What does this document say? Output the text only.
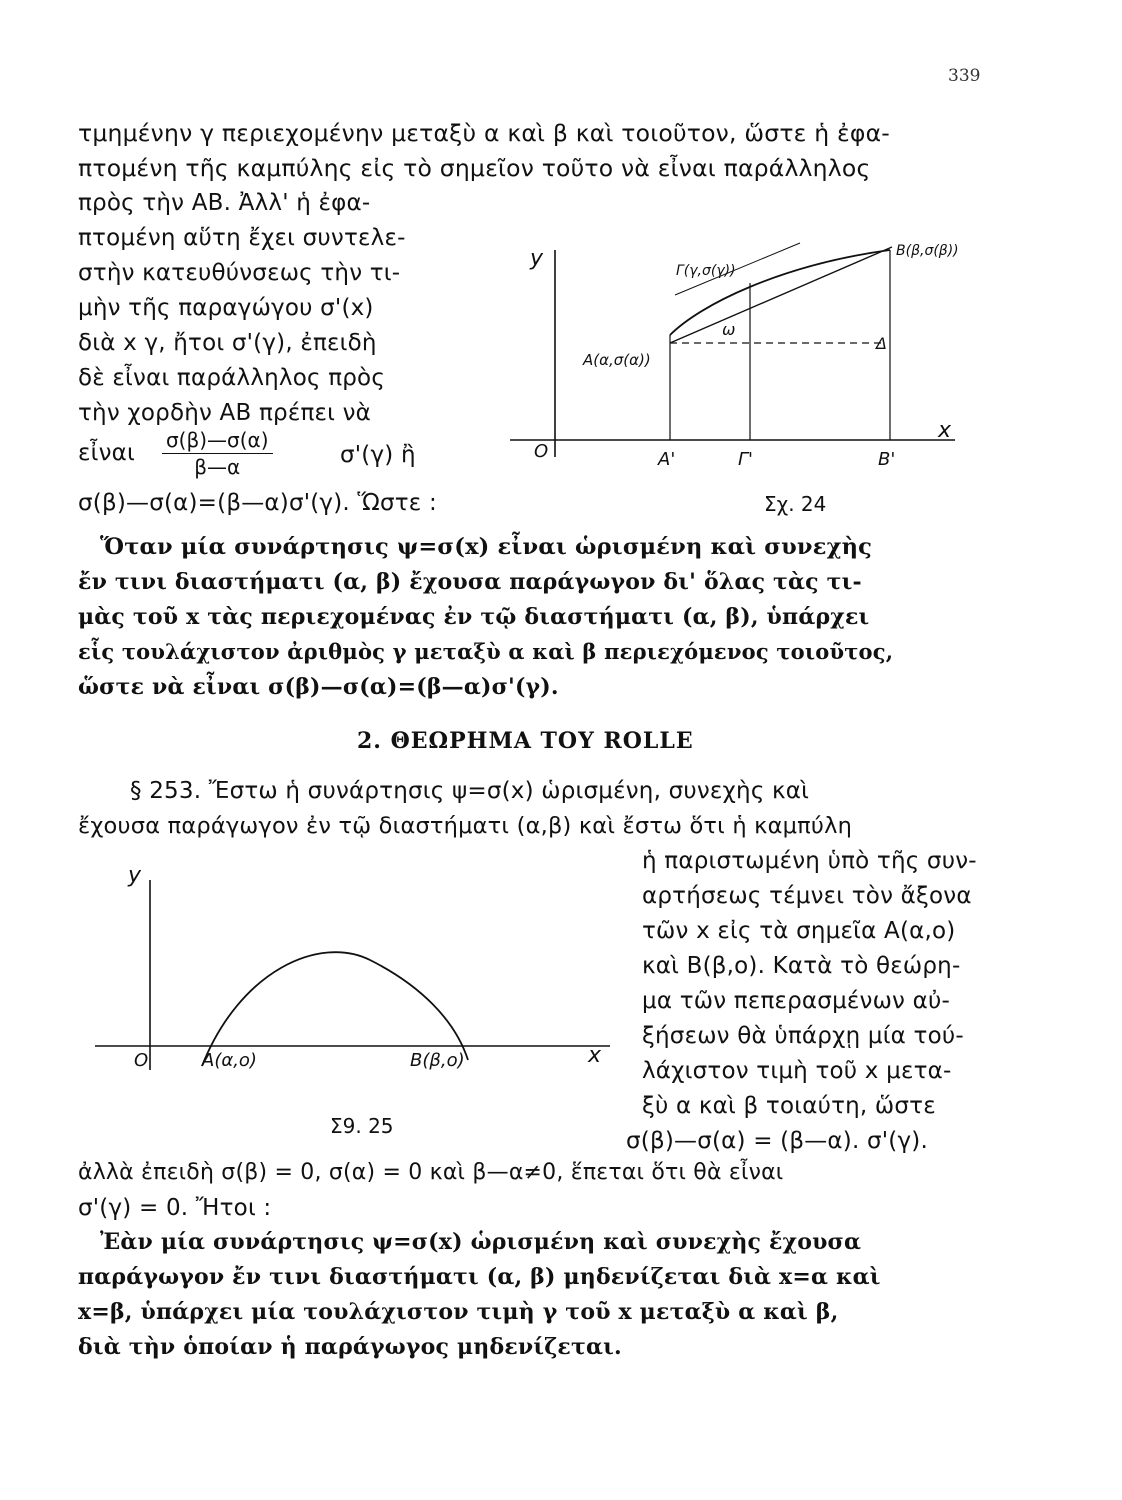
339
τμημένην γ περιεχομένην μεταξὺ α καὶ β καὶ τοιοῦτον, ὥστε ἡ ἐφα-
πτομένη τῆς καμπύλης εἰς τὸ σημεῖον τοῦτο νὰ εἶναι παράλληλος
πρὸς τὴν ΑΒ. Ἀλλ' ἡ ἐφα-
πτομένη αὕτη ἔχει συντελε-
στὴν κατευθύνσεως τὴν τι-
μὴν τῆς παραγώγου σ'(x)
διὰ x γ, ἤτοι σ'(γ), ἐπειδὴ
δὲ εἶναι παράλληλος πρὸς
τὴν χορδὴν ΑΒ πρέπει νὰ
εἶναι $\frac{\sigma(\beta)—\sigma(\alpha)}{\beta—\alpha}$	σ'(γ) ἢ
σ(β)—σ(α)=(β—α)σ'(γ). Ὥστε :
y
x
O
A(α,σ(α))
B(β,σ(β))
Γ(γ,σ(γ))
ω
Δ
A'	Γ'	B'
Σχ. 24
Ὅταν μία συνάρτησις ψ=σ(x) εἶναι ὡρισμένη καὶ συνεχὴς
ἔν τινι διαστήματι (α, β) ἔχουσα παράγωγον δι' ὅλας τὰς τι-
μὰς τοῦ x τὰς περιεχομένας ἐν τῷ διαστήματι (α, β), ὑπάρχει
εἷς τουλάχιστον ἀριθμὸς γ μεταξὺ α καὶ β περιεχόμενος τοιοῦτος,
ὥστε νὰ εἶναι σ(β)—σ(α)=(β—α)σ'(γ).
2. ΘΕΩΡΗΜΑ ΤΟΥ ROLLE
§ 253. Ἔστω ἡ συνάρτησις ψ=σ(x) ὡρισμένη, συνεχὴς καὶ
ἔχουσα παράγωγον ἐν τῷ διαστήματι (α,β) καὶ ἔστω ὅτι ἡ καμπύλη
ἡ παριστωμένη ὑπὸ τῆς συν-
αρτήσεως τέμνει τὸν ἄξονα
τῶν x εἰς τὰ σημεῖα Α(α,ο)
καὶ Β(β,ο). Κατὰ τὸ θεώρη-
μα τῶν πεπερασμένων αὐ-
ξήσεων θὰ ὑπάρχῃ μία τού-
λάχιστον τιμὴ τοῦ x μετα-
ξὺ α καὶ β τοιαύτη, ὥστε
σ(β)—σ(α) = (β—α). σ'(γ).
y
x
O	A(α,o)	B(β,o)
Σ9. 25
ἀλλὰ ἐπειδὴ σ(β) = 0, σ(α) = 0 καὶ β—α≠0, ἕπεται ὅτι θὰ εἶναι
σ'(γ) = 0. Ἤτοι :
Ἐὰν μία συνάρτησις ψ=σ(x) ὡρισμένη καὶ συνεχὴς ἔχουσα
παράγωγον ἔν τινι διαστήματι (α, β) μηδενίζεται διὰ x=α καὶ
x=β, ὑπάρχει μία τουλάχιστον τιμὴ γ τοῦ x μεταξὺ α καὶ β,
διὰ τὴν ὁποίαν ἡ παράγωγος μηδενίζεται.
